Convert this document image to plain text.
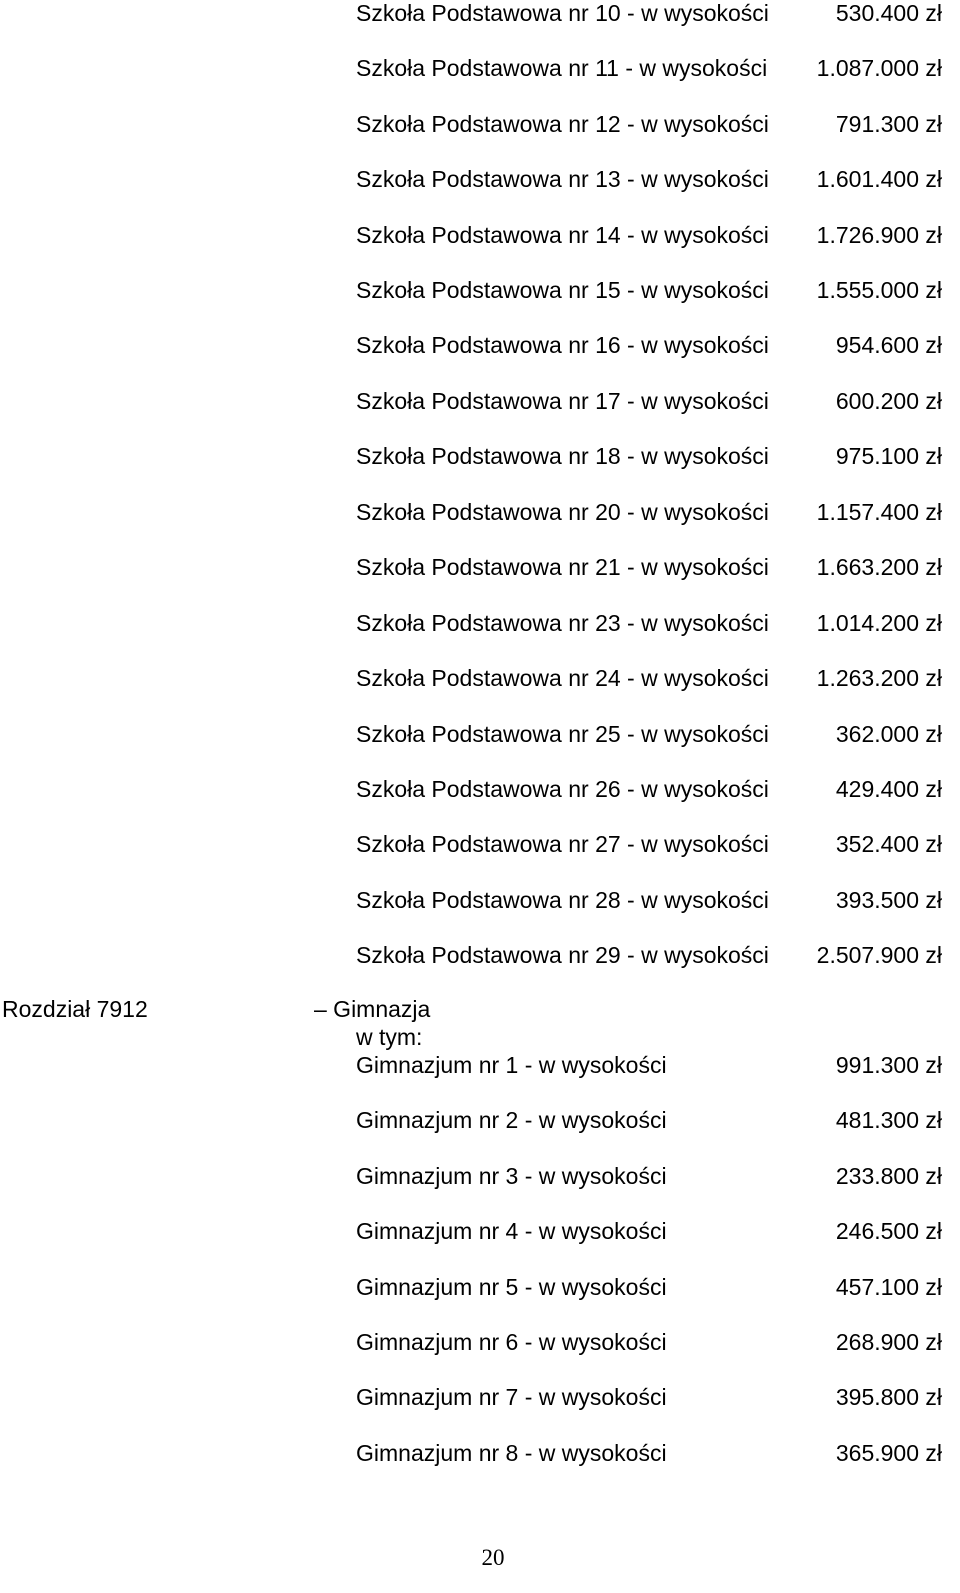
Szkoła Podstawowa nr 10 - w wysokości	530.400 zł
Szkoła Podstawowa nr 11 - w wysokości 1.087.000 zł
Szkoła Podstawowa nr 12 - w wysokości	791.300 zł
Szkoła Podstawowa nr 13 - w wysokości 1.601.400 zł
Szkoła Podstawowa nr 14 - w wysokości 1.726.900 zł
Szkoła Podstawowa nr 15 - w wysokości 1.555.000 zł
Szkoła Podstawowa nr 16 - w wysokości	954.600 zł
Szkoła Podstawowa nr 17 - w wysokości	600.200 zł
Szkoła Podstawowa nr 18 - w wysokości	975.100 zł
Szkoła Podstawowa nr 20 - w wysokości 1.157.400 zł
Szkoła Podstawowa nr 21 - w wysokości 1.663.200 zł
Szkoła Podstawowa nr 23 - w wysokości 1.014.200 zł
Szkoła Podstawowa nr 24 - w wysokości 1.263.200 zł
Szkoła Podstawowa nr 25 - w wysokości	362.000 zł
Szkoła Podstawowa nr 26 - w wysokości	429.400 zł
Szkoła Podstawowa nr 27 - w wysokości	352.400 zł
Szkoła Podstawowa nr 28 - w wysokości	393.500 zł
Szkoła Podstawowa nr 29 - w wysokości 2.507.900 zł
Rozdział 7912	– Gimnazja
w tym:
Gimnazjum nr 1 - w wysokości	991.300 zł
Gimnazjum nr 2 - w wysokości	481.300 zł
Gimnazjum nr 3 - w wysokości	233.800 zł
Gimnazjum nr 4 - w wysokości	246.500 zł
Gimnazjum nr 5 - w wysokości	457.100 zł
Gimnazjum nr 6 - w wysokości	268.900 zł
Gimnazjum nr 7 - w wysokości	395.800 zł
Gimnazjum nr 8 - w wysokości	365.900 zł
20
